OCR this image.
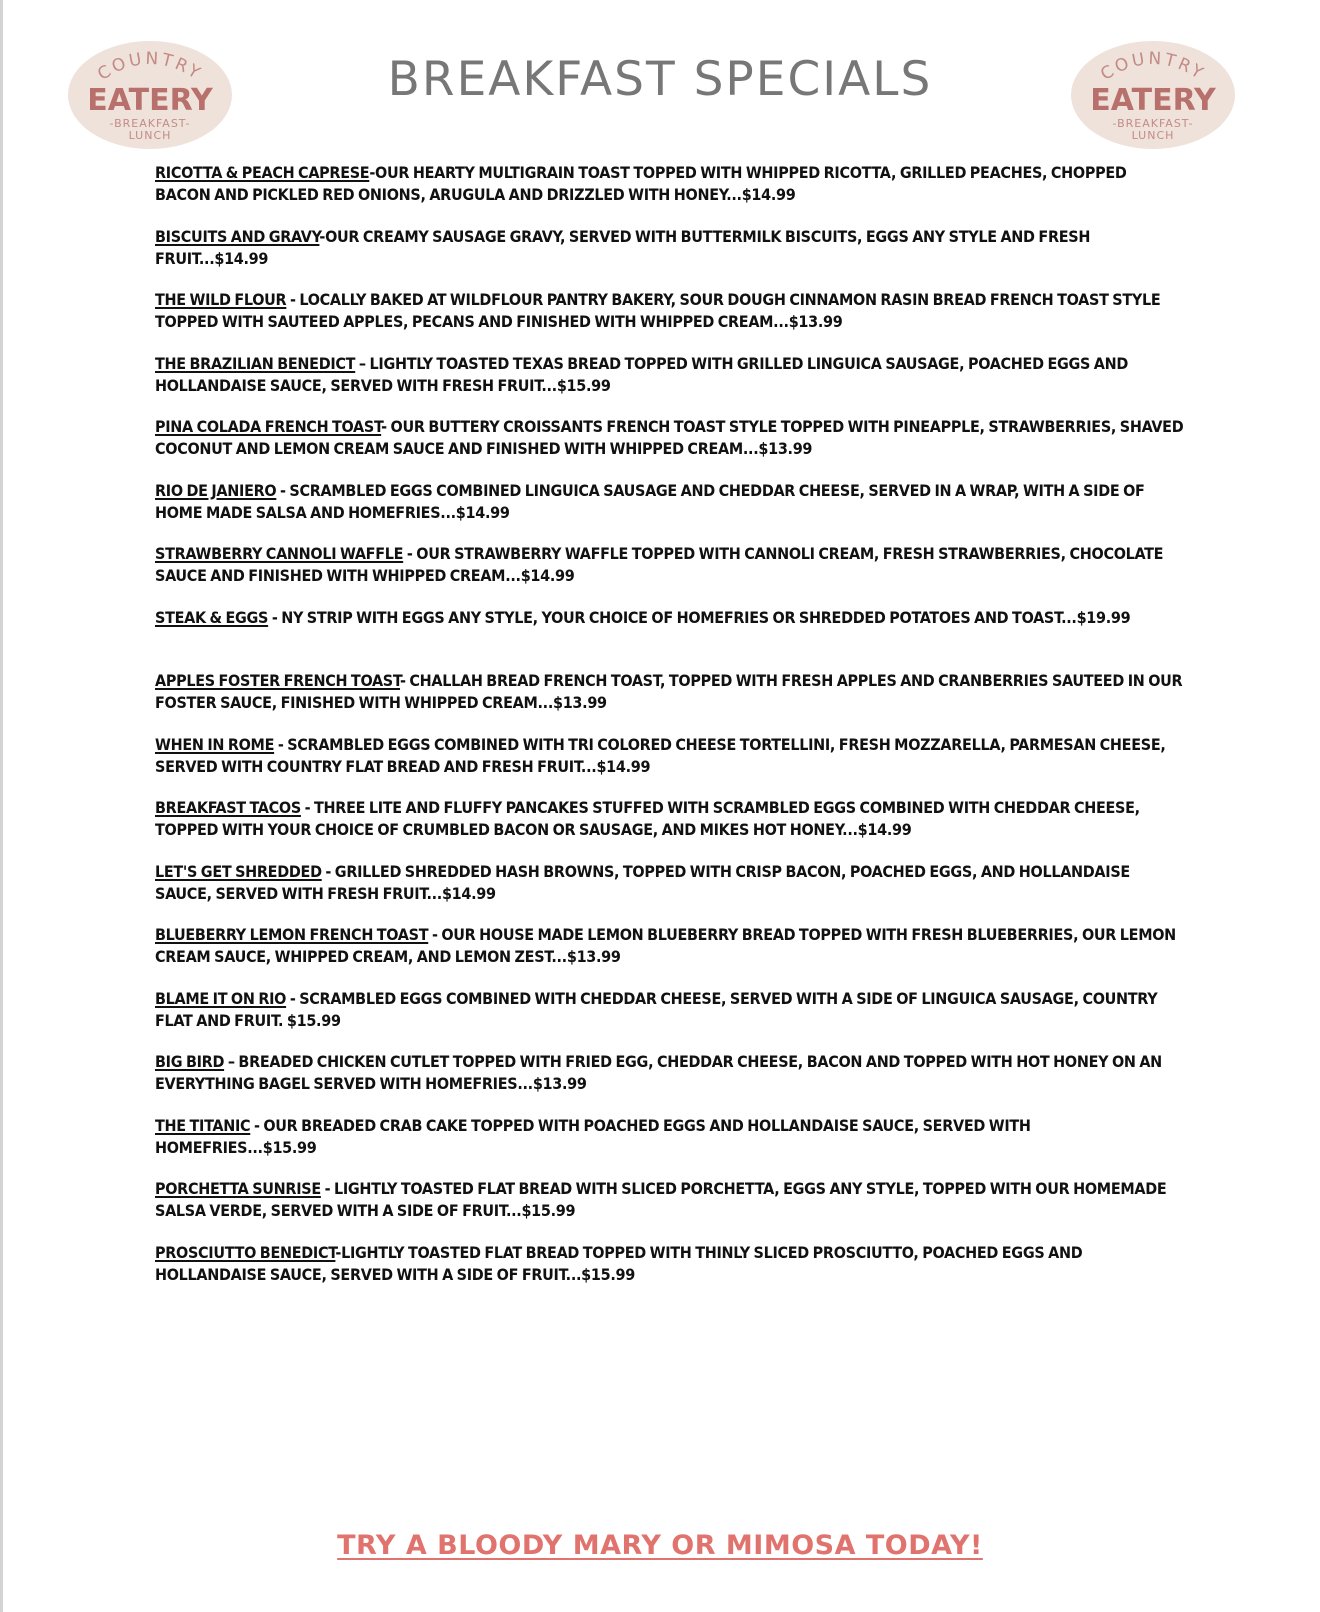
COUNTRY
EATERY
-BREAKFAST-
LUNCH
BREAKFAST SPECIALS	COUNTRY
EATERY
-BREAKFAST-
LUNCH
RICOTTA & PEACH CAPRESE-OUR HEARTY MULTIGRAIN TOAST TOPPED WITH WHIPPED RICOTTA, GRILLED PEACHES, CHOPPED BACON AND PICKLED RED ONIONS, ARUGULA AND DRIZZLED WITH HONEY...$14.99
BISCUITS AND GRAVY-OUR CREAMY SAUSAGE GRAVY, SERVED WITH BUTTERMILK BISCUITS, EGGS ANY STYLE AND FRESH FRUIT...$14.99
THE WILD FLOUR - LOCALLY BAKED AT WILDFLOUR PANTRY BAKERY, SOUR DOUGH CINNAMON RASIN BREAD FRENCH TOAST STYLE TOPPED WITH SAUTEED APPLES, PECANS AND FINISHED WITH WHIPPED CREAM...$13.99
THE BRAZILIAN BENEDICT – LIGHTLY TOASTED TEXAS BREAD TOPPED WITH GRILLED LINGUICA SAUSAGE, POACHED EGGS AND HOLLANDAISE SAUCE, SERVED WITH FRESH FRUIT...$15.99
PINA COLADA FRENCH TOAST- OUR BUTTERY CROISSANTS FRENCH TOAST STYLE TOPPED WITH PINEAPPLE, STRAWBERRIES, SHAVED COCONUT AND LEMON CREAM SAUCE AND FINISHED WITH WHIPPED CREAM...$13.99
RIO DE JANIERO - SCRAMBLED EGGS COMBINED LINGUICA SAUSAGE AND CHEDDAR CHEESE, SERVED IN A WRAP, WITH A SIDE OF HOME MADE SALSA AND HOMEFRIES...$14.99
STRAWBERRY CANNOLI WAFFLE - OUR STRAWBERRY WAFFLE TOPPED WITH CANNOLI CREAM, FRESH STRAWBERRIES, CHOCOLATE SAUCE AND FINISHED WITH WHIPPED CREAM...$14.99
STEAK & EGGS - NY STRIP WITH EGGS ANY STYLE, YOUR CHOICE OF HOMEFRIES OR SHREDDED POTATOES AND TOAST...$19.99
APPLES FOSTER FRENCH TOAST- CHALLAH BREAD FRENCH TOAST, TOPPED WITH FRESH APPLES AND CRANBERRIES SAUTEED IN OUR FOSTER SAUCE, FINISHED WITH WHIPPED CREAM...$13.99
WHEN IN ROME - SCRAMBLED EGGS COMBINED WITH TRI COLORED CHEESE TORTELLINI, FRESH MOZZARELLA, PARMESAN CHEESE, SERVED WITH COUNTRY FLAT BREAD AND FRESH FRUIT...$14.99
BREAKFAST TACOS - THREE LITE AND FLUFFY PANCAKES STUFFED WITH SCRAMBLED EGGS COMBINED WITH CHEDDAR CHEESE, TOPPED WITH YOUR CHOICE OF CRUMBLED BACON OR SAUSAGE, AND MIKES HOT HONEY...$14.99
LET'S GET SHREDDED - GRILLED SHREDDED HASH BROWNS, TOPPED WITH CRISP BACON, POACHED EGGS, AND HOLLANDAISE SAUCE, SERVED WITH FRESH FRUIT...$14.99
BLUEBERRY LEMON FRENCH TOAST - OUR HOUSE MADE LEMON BLUEBERRY BREAD TOPPED WITH FRESH BLUEBERRIES, OUR LEMON CREAM SAUCE, WHIPPED CREAM, AND LEMON ZEST...$13.99
BLAME IT ON RIO - SCRAMBLED EGGS COMBINED WITH CHEDDAR CHEESE, SERVED WITH A SIDE OF LINGUICA SAUSAGE, COUNTRY FLAT AND FRUIT. $15.99
BIG BIRD – BREADED CHICKEN CUTLET TOPPED WITH FRIED EGG, CHEDDAR CHEESE, BACON AND TOPPED WITH HOT HONEY ON AN EVERYTHING BAGEL SERVED WITH HOMEFRIES...$13.99
THE TITANIC - OUR BREADED CRAB CAKE TOPPED WITH POACHED EGGS AND HOLLANDAISE SAUCE, SERVED WITH HOMEFRIES...$15.99
PORCHETTA SUNRISE - LIGHTLY TOASTED FLAT BREAD WITH SLICED PORCHETTA, EGGS ANY STYLE, TOPPED WITH OUR HOMEMADE SALSA VERDE, SERVED WITH A SIDE OF FRUIT...$15.99
PROSCIUTTO BENEDICT-LIGHTLY TOASTED FLAT BREAD TOPPED WITH THINLY SLICED PROSCIUTTO, POACHED EGGS AND HOLLANDAISE SAUCE, SERVED WITH A SIDE OF FRUIT...$15.99
TRY A BLOODY MARY OR MIMOSA TODAY!
